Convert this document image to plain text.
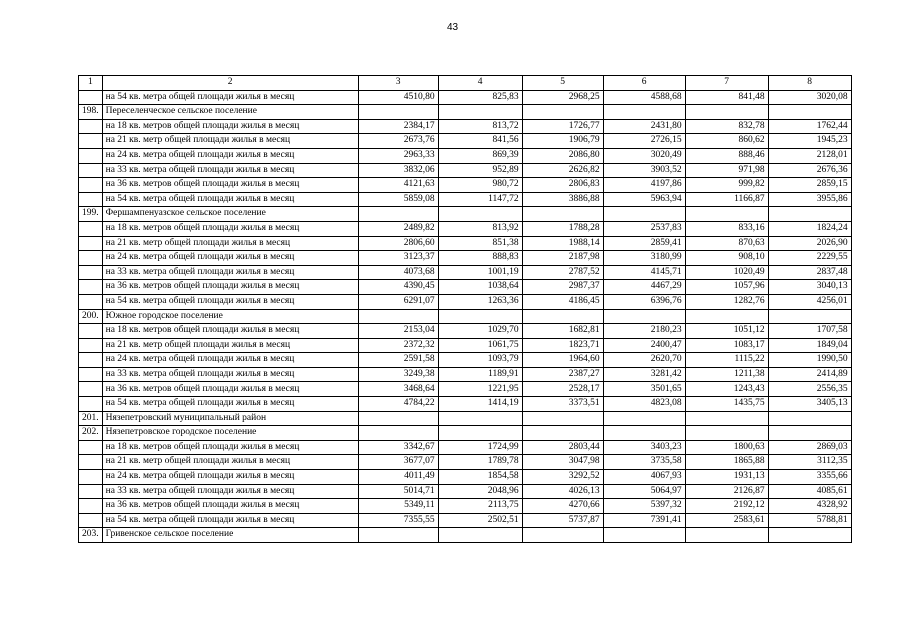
43
1	2	3	4	5	6	7	8
	на 54 кв. метра общей площади жилья в месяц	4510,80	825,83	2968,25	4588,68	841,48	3020,08
198.	Переселенческое сельское поселение						
	на 18 кв. метров общей площади жилья в месяц	2384,17	813,72	1726,77	2431,80	832,78	1762,44
	на 21 кв. метр общей площади жилья в месяц	2673,76	841,56	1906,79	2726,15	860,62	1945,23
	на 24 кв. метра общей площади жилья в месяц	2963,33	869,39	2086,80	3020,49	888,46	2128,01
	на 33 кв. метра общей площади жилья в месяц	3832,06	952,89	2626,82	3903,52	971,98	2676,36
	на 36 кв. метров общей площади жилья в месяц	4121,63	980,72	2806,83	4197,86	999,82	2859,15
	на 54 кв. метра общей площади жилья в месяц	5859,08	1147,72	3886,88	5963,94	1166,87	3955,86
199.	Фершампенуазское сельское поселение						
	на 18 кв. метров общей площади жилья в месяц	2489,82	813,92	1788,28	2537,83	833,16	1824,24
	на 21 кв. метр общей площади жилья в месяц	2806,60	851,38	1988,14	2859,41	870,63	2026,90
	на 24 кв. метра общей площади жилья в месяц	3123,37	888,83	2187,98	3180,99	908,10	2229,55
	на 33 кв. метра общей площади жилья в месяц	4073,68	1001,19	2787,52	4145,71	1020,49	2837,48
	на 36 кв. метров общей площади жилья в месяц	4390,45	1038,64	2987,37	4467,29	1057,96	3040,13
	на 54 кв. метра общей площади жилья в месяц	6291,07	1263,36	4186,45	6396,76	1282,76	4256,01
200.	Южное городское поселение						
	на 18 кв. метров общей площади жилья в месяц	2153,04	1029,70	1682,81	2180,23	1051,12	1707,58
	на 21 кв. метр общей площади жилья в месяц	2372,32	1061,75	1823,71	2400,47	1083,17	1849,04
	на 24 кв. метра общей площади жилья в месяц	2591,58	1093,79	1964,60	2620,70	1115,22	1990,50
	на 33 кв. метра общей площади жилья в месяц	3249,38	1189,91	2387,27	3281,42	1211,38	2414,89
	на 36 кв. метров общей площади жилья в месяц	3468,64	1221,95	2528,17	3501,65	1243,43	2556,35
	на 54 кв. метра общей площади жилья в месяц	4784,22	1414,19	3373,51	4823,08	1435,75	3405,13
201.	Нязепетровский муниципальный район						
202.	Нязепетровское городское поселение						
	на 18 кв. метров общей площади жилья в месяц	3342,67	1724,99	2803,44	3403,23	1800,63	2869,03
	на 21 кв. метр общей площади жилья в месяц	3677,07	1789,78	3047,98	3735,58	1865,88	3112,35
	на 24 кв. метра общей площади жилья в месяц	4011,49	1854,58	3292,52	4067,93	1931,13	3355,66
	на 33 кв. метра общей площади жилья в месяц	5014,71	2048,96	4026,13	5064,97	2126,87	4085,61
	на 36 кв. метров общей площади жилья в месяц	5349,11	2113,75	4270,66	5397,32	2192,12	4328,92
	на 54 кв. метра общей площади жилья в месяц	7355,55	2502,51	5737,87	7391,41	2583,61	5788,81
203.	Гривенское сельское поселение						
